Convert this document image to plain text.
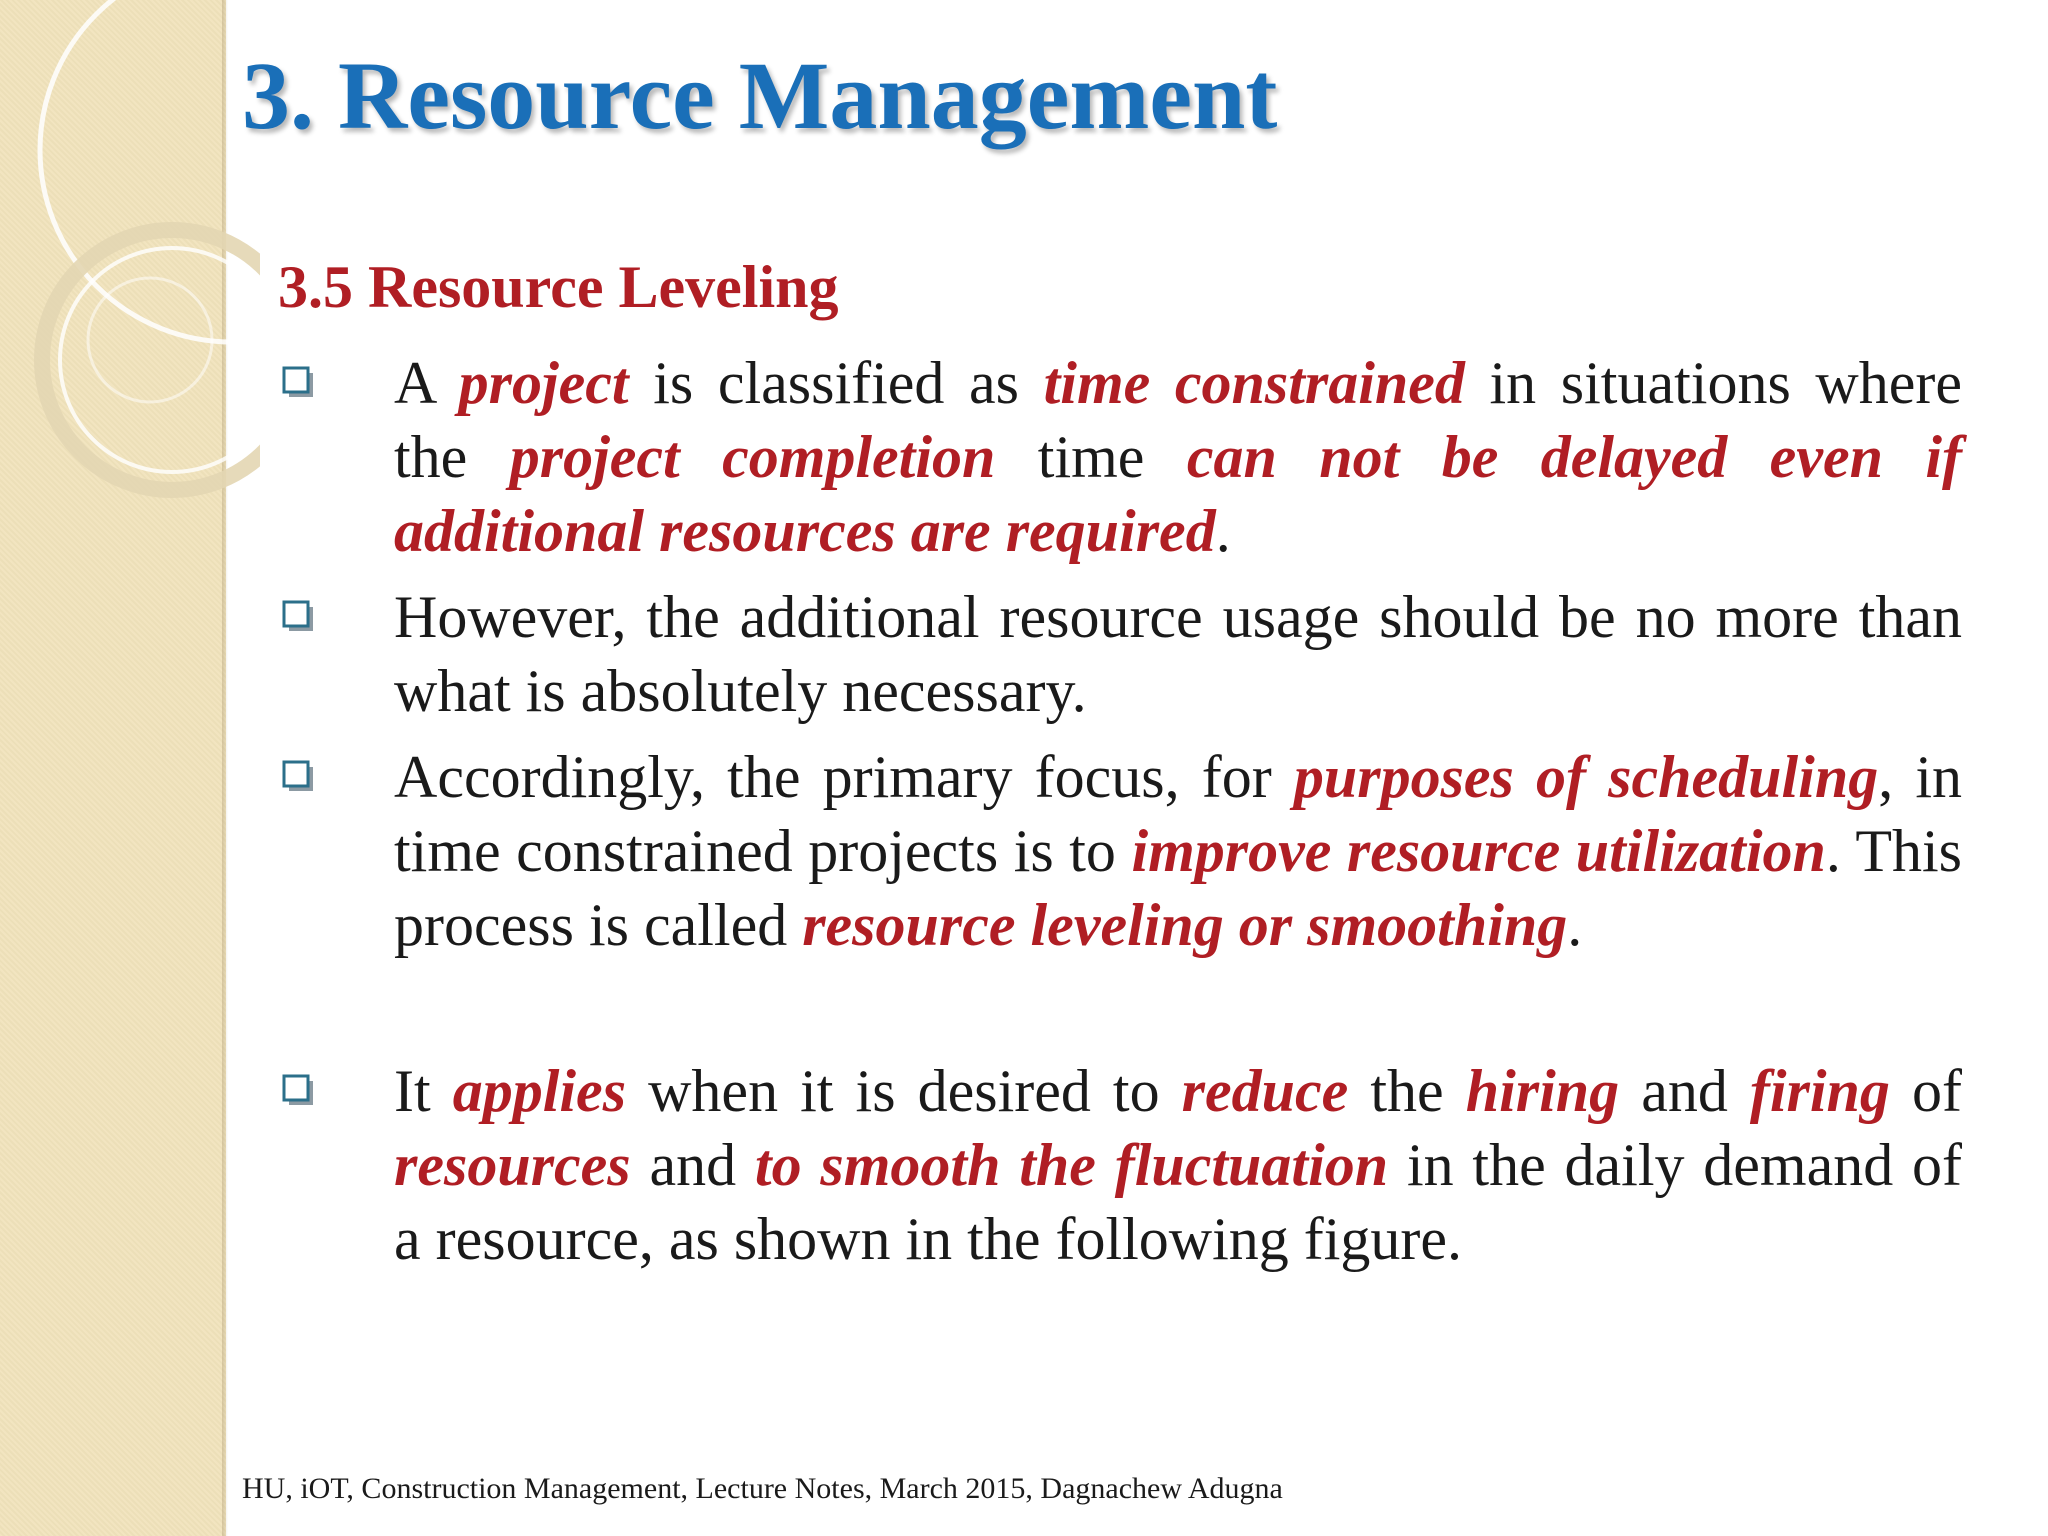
3. Resource Management
3.5 Resource Leveling

A project is classified as time constrained in situations where the project completion time can not be delayed even if additional resources are required.

However, the additional resource usage should be no more than what is absolutely necessary.

Accordingly, the primary focus, for purposes of scheduling, in time constrained projects is to improve resource utilization. This process is called resource leveling or smoothing.

It applies when it is desired to reduce the hiring and firing of resources and to smooth the fluctuation in the daily demand of a resource, as shown in the following figure.

HU, iOT, Construction Management, Lecture Notes, March 2015, Dagnachew Adugna
